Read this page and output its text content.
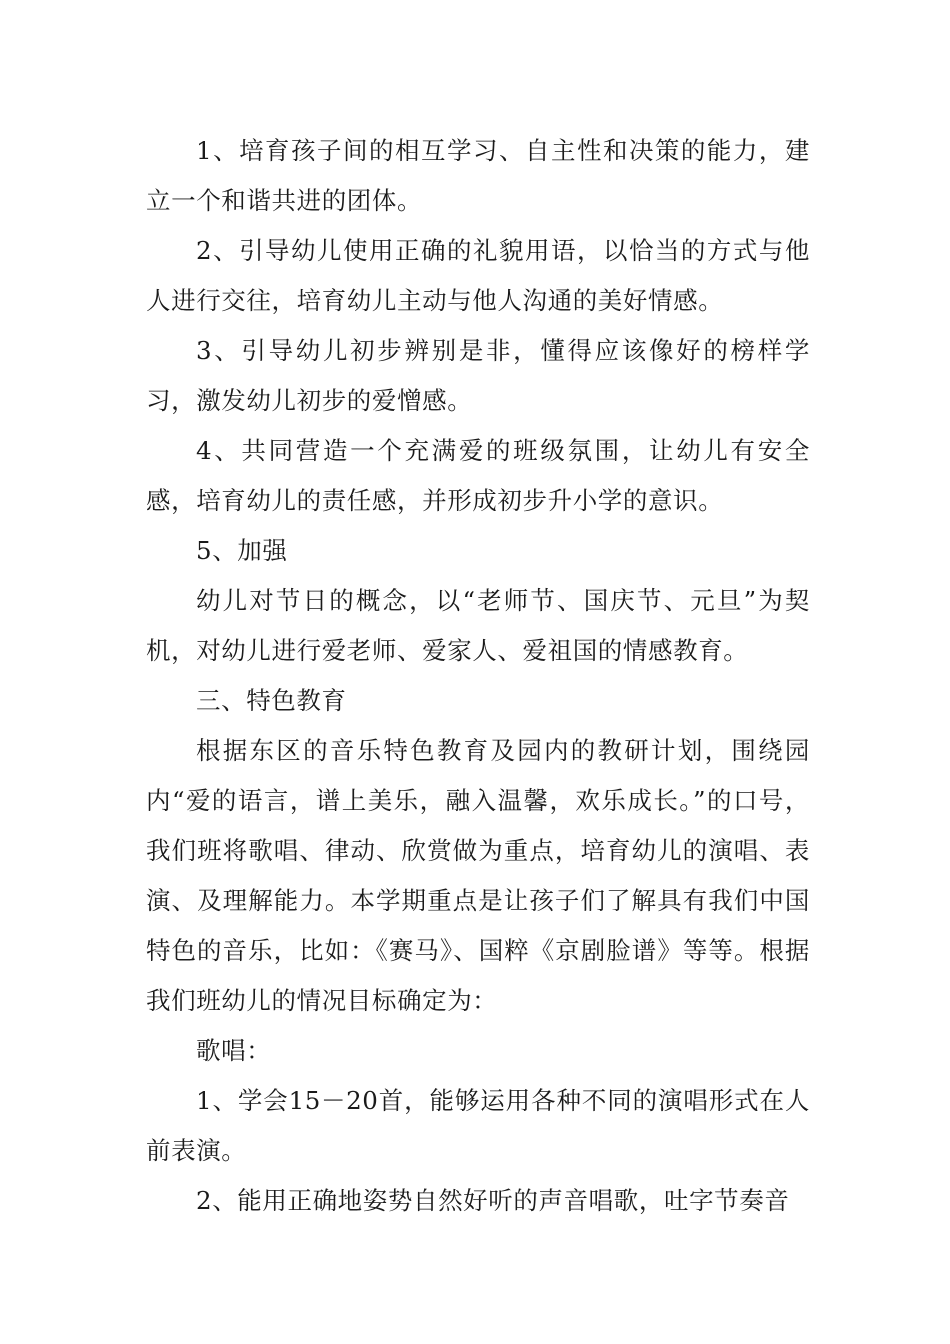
1、培育孩子间的相互学习、自主性和决策的能力，建立一个和谐共进的团体。

2、引导幼儿使用正确的礼貌用语，以恰当的方式与他人进行交往，培育幼儿主动与他人沟通的美好情感。

3、引导幼儿初步辨别是非，懂得应该像好的榜样学习，激发幼儿初步的爱憎感。

4、共同营造一个充满爱的班级氛围，让幼儿有安全感，培育幼儿的责任感，并形成初步升小学的意识。

5、加强

幼儿对节日的概念，以“老师节、国庆节、元旦”为契机，对幼儿进行爱老师、爱家人、爱祖国的情感教育。

三、特色教育

根据东区的音乐特色教育及园内的教研计划，围绕园内“爱的语言，谱上美乐，融入温馨，欢乐成长。”的口号，我们班将歌唱、律动、欣赏做为重点，培育幼儿的演唱、表演、及理解能力。本学期重点是让孩子们了解具有我们中国特色的音乐，比如：《赛马》、国粹《京剧脸谱》等等。根据我们班幼儿的情况目标确定为：

歌唱：

1、学会15－20首，能够运用各种不同的演唱形式在人前表演。

2、能用正确地姿势自然好听的声音唱歌，吐字节奏音
